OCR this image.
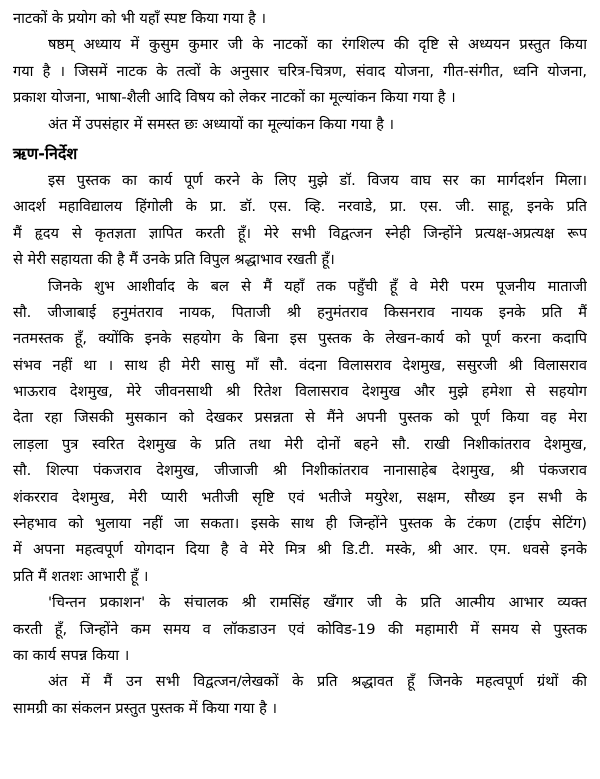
नाटकों के प्रयोग को भी यहाँ स्पष्ट किया गया है ।
षष्ठम् अध्याय में कुसुम कुमार जी के नाटकों का रंगशिल्प की दृष्टि से अध्ययन प्रस्तुत किया
गया है । जिसमें नाटक के तत्वों के अनुसार चरित्र-चित्रण, संवाद योजना, गीत-संगीत, ध्वनि योजना,
प्रकाश योजना, भाषा-शैली आदि विषय को लेकर नाटकों का मूल्यांकन किया गया है ।
अंत में उपसंहार में समस्त छः अध्यायों का मूल्यांकन किया गया है ।
ऋण-निर्देश
इस पुस्तक का कार्य पूर्ण करने के लिए मुझे डॉ. विजय वाघ सर का मार्गदर्शन मिला।
आदर्श महाविद्यालय हिंगोली के प्रा. डॉ. एस. व्हि. नरवाडे, प्रा. एस. जी. साहू, इनके प्रति
मैं हृदय से कृतज्ञता ज्ञापित करती हूँ। मेरे सभी विद्वत्जन स्नेही जिन्होंने प्रत्यक्ष-अप्रत्यक्ष रूप
से मेरी सहायता की है मैं उनके प्रति विपुल श्रद्धाभाव रखती हूँ।
जिनके शुभ आशीर्वाद के बल से मैं यहाँ तक पहुँची हूँ वे मेरी परम पूजनीय माताजी
सौ. जीजाबाई हनुमंतराव नायक, पिताजी श्री हनुमंतराव किसनराव नायक इनके प्रति मैं
नतमस्तक हूँ, क्योंकि इनके सहयोग के बिना इस पुस्तक के लेखन-कार्य को पूर्ण करना कदापि
संभव नहीं था । साथ ही मेरी सासु माँ सौ. वंदना विलासराव देशमुख, ससुरजी श्री विलासराव
भाऊराव देशमुख, मेरे जीवनसाथी श्री रितेश विलासराव देशमुख और मुझे हमेशा से सहयोग
देता रहा जिसकी मुसकान को देखकर प्रसन्नता से मैंने अपनी पुस्तक को पूर्ण किया वह मेरा
लाड़ला पुत्र स्वरित देशमुख के प्रति तथा मेरी दोनों बहने सौ. राखी निशीकांतराव देशमुख,
सौ. शिल्पा पंकजराव देशमुख, जीजाजी श्री निशीकांतराव नानासाहेब देशमुख, श्री पंकजराव
शंकरराव देशमुख, मेरी प्यारी भतीजी सृष्टि एवं भतीजे मयुरेश, सक्षम, सौख्य इन सभी के
स्नेहभाव को भुलाया नहीं जा सकता। इसके साथ ही जिन्होंने पुस्तक के टंकण (टाईप सेटिंग)
में अपना महत्वपूर्ण योगदान दिया है वे मेरे मित्र श्री डि.टी. मस्के, श्री आर. एम. धवसे इनके
प्रति मैं शतशः आभारी हूँ ।
'चिन्तन प्रकाशन' के संचालक श्री रामसिंह खँगार जी के प्रति आत्मीय आभार व्यक्त
करती हूँ, जिन्होंने कम समय व लॉकडाउन एवं कोविड-19 की महामारी में समय से पुस्तक
का कार्य सपन्न किया ।
अंत में मैं उन सभी विद्वत्जन/लेखकों के प्रति श्रद्धावत हूँ जिनके महत्वपूर्ण ग्रंथों की
सामग्री का संकलन प्रस्तुत पुस्तक में किया गया है ।
